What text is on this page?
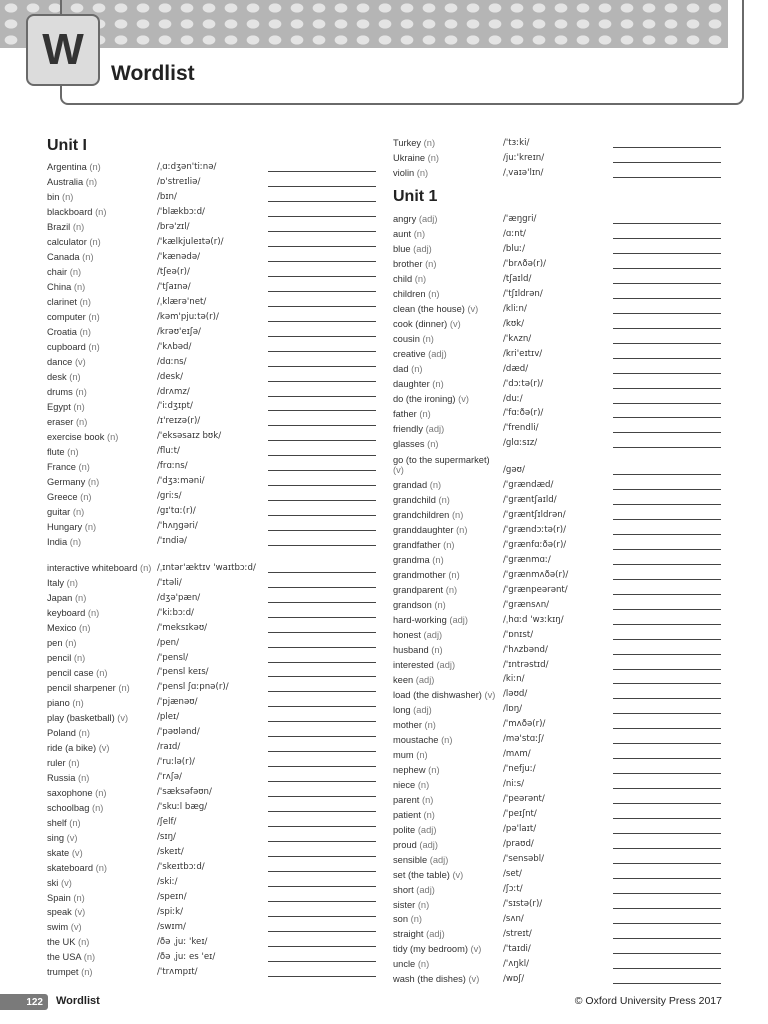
W	Wordlist
Unit I
Argentina (n)	/ˌɑːdʒən'tiːnə/
Australia (n)	/ɒ'streɪliə/
bin (n)	/bɪn/
blackboard (n)	/'blækbɔːd/
Brazil (n)	/brə'zɪl/
calculator (n)	/'kælkjuleɪtə(r)/
Canada (n)	/'kænədə/
chair (n)	/tʃeə(r)/
China (n)	/'tʃaɪnə/
clarinet (n)	/ˌklærə'net/
computer (n)	/kəm'pjuːtə(r)/
Croatia (n)	/krəʊ'eɪʃə/
cupboard (n)	/'kʌbəd/
dance (v)	/dɑːns/
desk (n)	/desk/
drums (n)	/drʌmz/
Egypt (n)	/'iːdʒɪpt/
eraser (n)	/ɪ'reɪzə(r)/
exercise book (n)	/'eksəsaɪz bʊk/
flute (n)	/fluːt/
France (n)	/frɑːns/
Germany (n)	/'dʒɜːməni/
Greece (n)	/griːs/
guitar (n)	/gɪ'tɑː(r)/
Hungary (n)	/'hʌŋgəri/
India (n)	/'ɪndiə/
interactive whiteboard (n) /ˌɪntər'æktɪv 'waɪtbɔːd/
Italy (n)	/'ɪtəli/
Japan (n)	/dʒə'pæn/
keyboard (n)	/'kiːbɔːd/
Mexico (n)	/'meksɪkəʊ/
pen (n)	/pen/
pencil (n)	/'pensl/
pencil case (n)	/'pensl keɪs/
pencil sharpener (n)	/'pensl ʃɑːpnə(r)/
piano (n)	/'pjænəʊ/
play (basketball) (v)	/pleɪ/
Poland (n)	/'pəʊlənd/
ride (a bike) (v)	/raɪd/
ruler (n)	/'ruːlə(r)/
Russia (n)	/'rʌʃə/
saxophone (n)	/'sæksəfəʊn/
schoolbag (n)	/'skuːl bæg/
shelf (n)	/ʃelf/
sing (v)	/sɪŋ/
skate (v)	/skeɪt/
skateboard (n)	/'skeɪtbɔːd/
ski (v)	/skiː/
Spain (n)	/speɪn/
speak (v)	/spiːk/
swim (v)	/swɪm/
the UK (n)	/ðə ˌjuː 'keɪ/
the USA (n)	/ðə ˌjuː es 'eɪ/
trumpet (n)	/'trʌmpɪt/
Turkey (n)	/'tɜːki/
Ukraine (n)	/juː'kreɪn/
violin (n)	/ˌvaɪə'lɪn/
Unit 1
angry (adj)	/'æŋgri/
aunt (n)	/ɑːnt/
blue (adj)	/bluː/
brother (n)	/'brʌðə(r)/
child (n)	/tʃaɪld/
children (n)	/'tʃɪldrən/
clean (the house) (v)	/kliːn/
cook (dinner) (v)	/kʊk/
cousin (n)	/'kʌzn/
creative (adj)	/kri'eɪtɪv/
dad (n)	/dæd/
daughter (n)	/'dɔːtə(r)/
do (the ironing) (v)	/duː/
father (n)	/'fɑːðə(r)/
friendly (adj)	/'frendli/
glasses (n)	/glɑːsɪz/
go (to the supermarket) (v)	/gəʊ/
grandad (n)	/'grændæd/
grandchild (n)	/'græntʃaɪld/
grandchildren (n)	/'græntʃɪldrən/
granddaughter (n)	/'grændɔːtə(r)/
grandfather (n)	/'grænfɑːðə(r)/
grandma (n)	/'grænmɑː/
grandmother (n)	/'grænmʌðə(r)/
grandparent (n)	/'grænpeərənt/
grandson (n)	/'grænsʌn/
hard-working (adj)	/ˌhɑːd 'wɜːkɪŋ/
honest (adj)	/'ɒnɪst/
husband (n)	/'hʌzbənd/
interested (adj)	/'ɪntrəstɪd/
keen (adj)	/kiːn/
load (the dishwasher) (v) /ləʊd/
long (adj)	/lɒŋ/
mother (n)	/'mʌðə(r)/
moustache (n)	/mə'stɑːʃ/
mum (n)	/mʌm/
nephew (n)	/'nefjuː/
niece (n)	/niːs/
parent (n)	/'peərənt/
patient (n)	/'peɪʃnt/
polite (adj)	/pə'laɪt/
proud (adj)	/praʊd/
sensible (adj)	/'sensəbl/
set (the table) (v)	/set/
short (adj)	/ʃɔːt/
sister (n)	/'sɪstə(r)/
son (n)	/sʌn/
straight (adj)	/streɪt/
tidy (my bedroom) (v)	/'taɪdi/
uncle (n)	/'ʌŋkl/
wash (the dishes) (v)	/wɒʃ/
122	Wordlist	© Oxford University Press 2017
